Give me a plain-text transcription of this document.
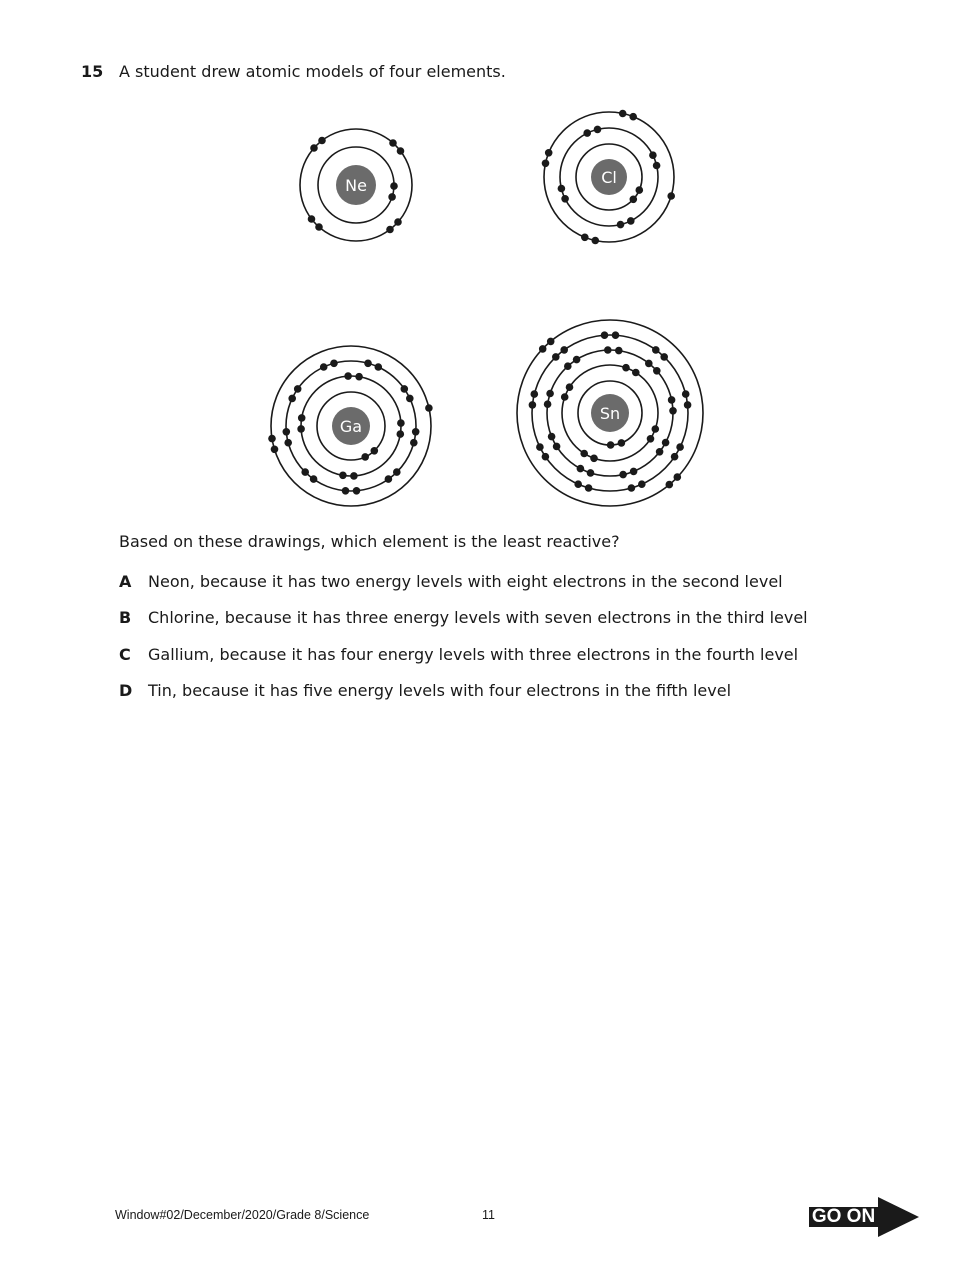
15 A student drew atomic models of four elements.
Ne	Cl
Ga
Sn
Based on these drawings, which element is the least reactive?
A Neon, because it has two energy levels with eight electrons in the second level
B Chlorine, because it has three energy levels with seven electrons in the third level
C Gallium, because it has four energy levels with three electrons in the fourth level
D Tin, because it has five energy levels with four electrons in the fifth level
Window#02/December/2020/Grade 8/Science	11	GO ON
